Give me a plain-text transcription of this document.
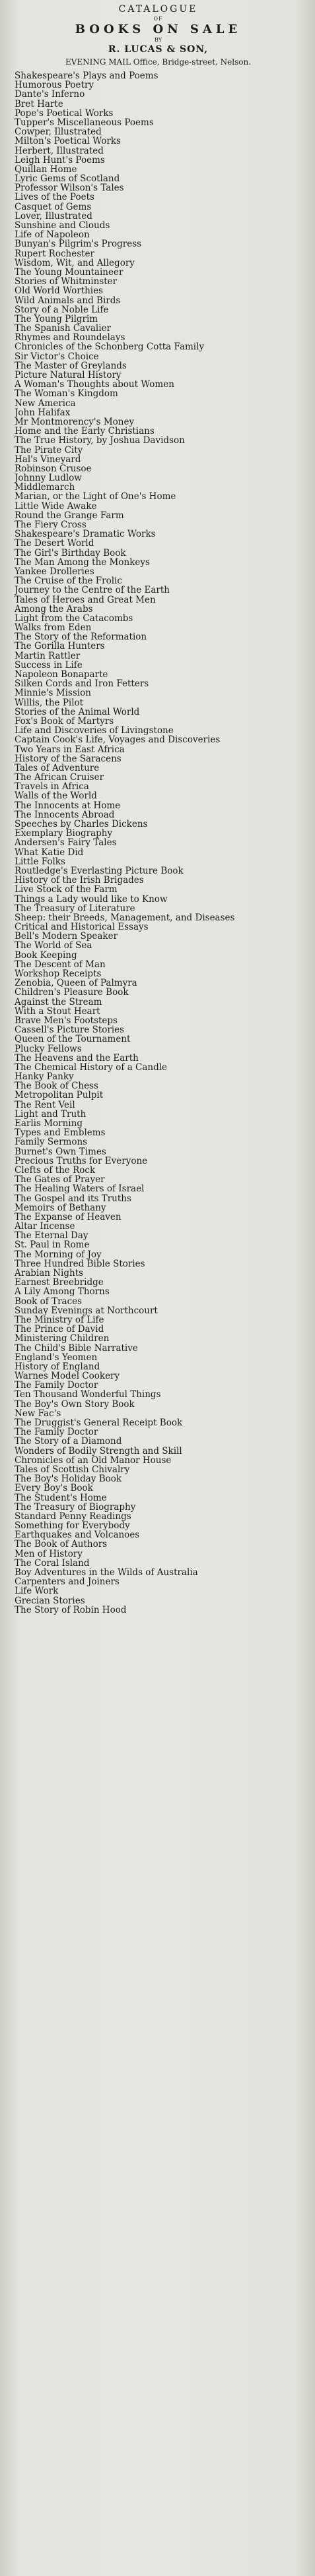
CATALOGUE
OF
BOOKS ON SALE
BY
R. LUCAS & SON,
EVENING MAIL Office, Bridge-street, Nelson.
Shakespeare's Plays and Poems
Humorous Poetry
Dante's Inferno
Bret Harte
Pope's Poetical Works
Tupper's Miscellaneous Poems
Cowper, Illustrated
Milton's Poetical Works
Herbert, Illustrated
Leigh Hunt's Poems
Quillan Home
Lyric Gems of Scotland
Professor Wilson's Tales
Lives of the Poets
Casquet of Gems
Lover, Illustrated
Sunshine and Clouds
Life of Napoleon
Bunyan's Pilgrim's Progress
Rupert Rochester
Wisdom, Wit, and Allegory
The Young Mountaineer
Stories of Whitminster
Old World Worthies
Wild Animals and Birds
Story of a Noble Life
The Young Pilgrim
The Spanish Cavalier
Rhymes and Roundelays
Chronicles of the Schonberg Cotta Family
Sir Victor's Choice
The Master of Greylands
Picture Natural History
A Woman's Thoughts about Women
The Woman's Kingdom
New America
John Halifax
Mr Montmorency's Money
Home and the Early Christians
The True History, by Joshua Davidson
The Pirate City
Hal's Vineyard
Robinson Crusoe
Johnny Ludlow
Middlemarch
Marian, or the Light of One's Home
Little Wide Awake
Round the Grange Farm
The Fiery Cross
Shakespeare's Dramatic Works
The Desert World
The Girl's Birthday Book
The Man Among the Monkeys
Yankee Drolleries
The Cruise of the Frolic
Journey to the Centre of the Earth
Tales of Heroes and Great Men
Among the Arabs
Light from the Catacombs
Walks from Eden
The Story of the Reformation
The Gorilla Hunters
Martin Rattler
Success in Life
Napoleon Bonaparte
Silken Cords and Iron Fetters
Minnie's Mission
Willis, the Pilot
Stories of the Animal World
Fox's Book of Martyrs
Life and Discoveries of Livingstone
Captain Cook's Life, Voyages and Discoveries
Two Years in East Africa
History of the Saracens
Tales of Adventure
The African Cruiser
Travels in Africa
Walls of the World
The Innocents at Home
The Innocents Abroad
Speeches by Charles Dickens
Exemplary Biography
Andersen's Fairy Tales
What Katie Did
Little Folks
Routledge's Everlasting Picture Book
History of the Irish Brigades
Live Stock of the Farm
Things a Lady would like to Know
The Treasury of Literature
Sheep: their Breeds, Management, and Diseases
Critical and Historical Essays
Bell's Modern Speaker
The World of Sea
Book Keeping
The Descent of Man
Workshop Receipts
Zenobia, Queen of Palmyra
Children's Pleasure Book
Against the Stream
With a Stout Heart
Brave Men's Footsteps
Cassell's Picture Stories
Queen of the Tournament
Plucky Fellows
The Heavens and the Earth
The Chemical History of a Candle
Hanky Panky
The Book of Chess
Metropolitan Pulpit
The Rent Veil
Light and Truth
Earlis Morning
Types and Emblems
Family Sermons
Burnet's Own Times
Precious Truths for Everyone
Clefts of the Rock
The Gates of Prayer
The Healing Waters of Israel
The Gospel and its Truths
Memoirs of Bethany
The Expanse of Heaven
Altar Incense
The Eternal Day
St. Paul in Rome
The Morning of Joy
Three Hundred Bible Stories
Arabian Nights
Earnest Breebridge
A Lily Among Thorns
Book of Traces
Sunday Evenings at Northcourt
The Ministry of Life
The Prince of David
Ministering Children
The Child's Bible Narrative
England's Yeomen
History of England
Warnes Model Cookery
The Family Doctor
Ten Thousand Wonderful Things
The Boy's Own Story Book
New Fac's
The Druggist's General Receipt Book
The Family Doctor
The Story of a Diamond
Wonders of Bodily Strength and Skill
Chronicles of an Old Manor House
Tales of Scottish Chivalry
The Boy's Holiday Book
Every Boy's Book
The Student's Home
The Treasury of Biography
Standard Penny Readings
Something for Everybody
Earthquakes and Volcanoes
The Book of Authors
Men of History
The Coral Island
Boy Adventures in the Wilds of Australia
Carpenters and Joiners
Life Work
Grecian Stories
The Story of Robin Hood
